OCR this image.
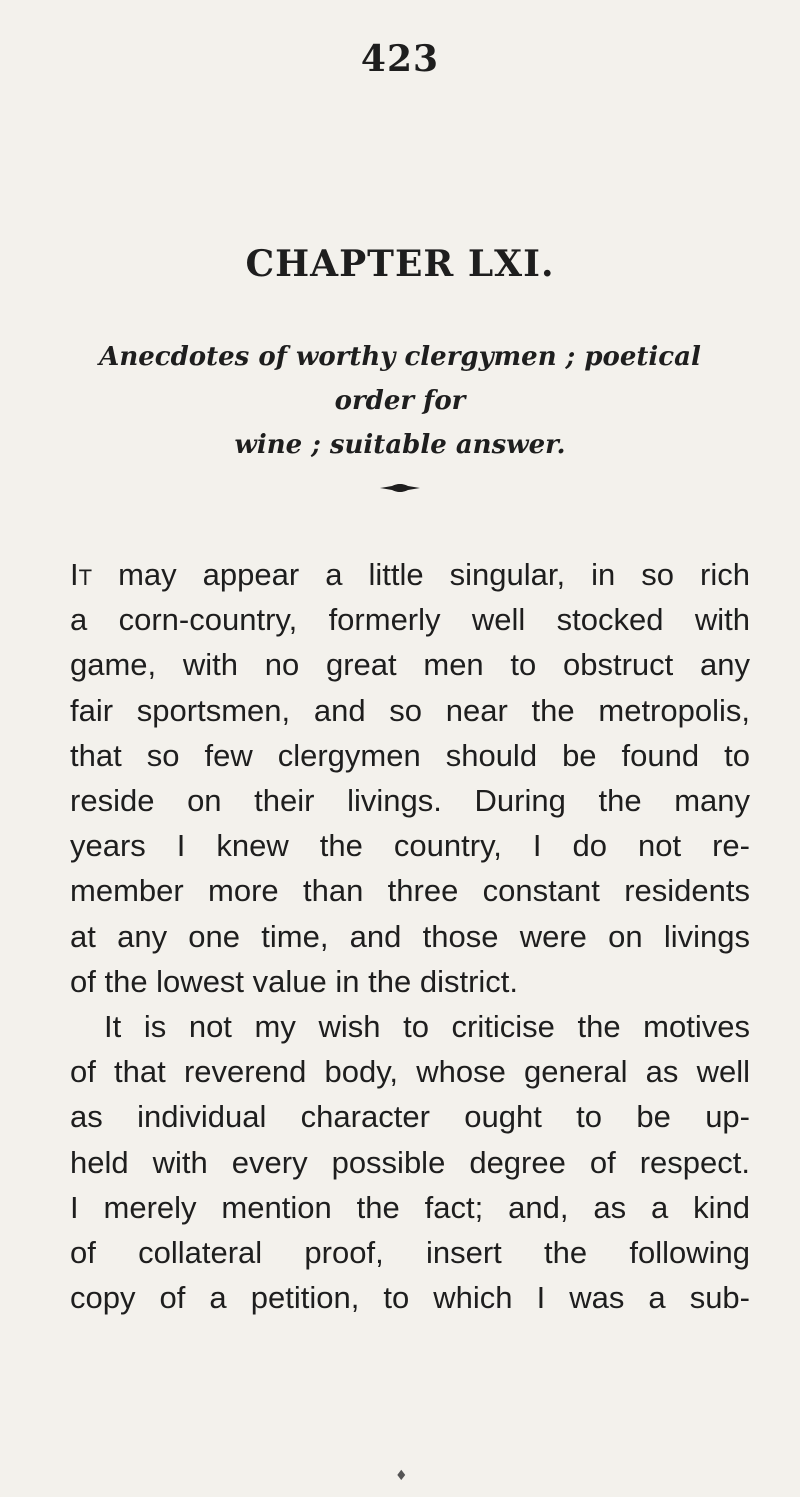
423
CHAPTER LXI.
Anecdotes of worthy clergymen ; poetical order for
wine ; suitable answer.

It may appear a little singular, in so rich
a corn-country, formerly well stocked with
game, with no great men to obstruct any
fair sportsmen, and so near the metropolis,
that so few clergymen should be found to
reside on their livings. During the many
years I knew the country, I do not re-
member more than three constant residents
at any one time, and those were on livings
of the lowest value in the district.

It is not my wish to criticise the motives
of that reverend body, whose general as well
as individual character ought to be up-
held with every possible degree of respect.
I merely mention the fact; and, as a kind
of collateral proof, insert the following
copy of a petition, to which I was a sub-

♦
